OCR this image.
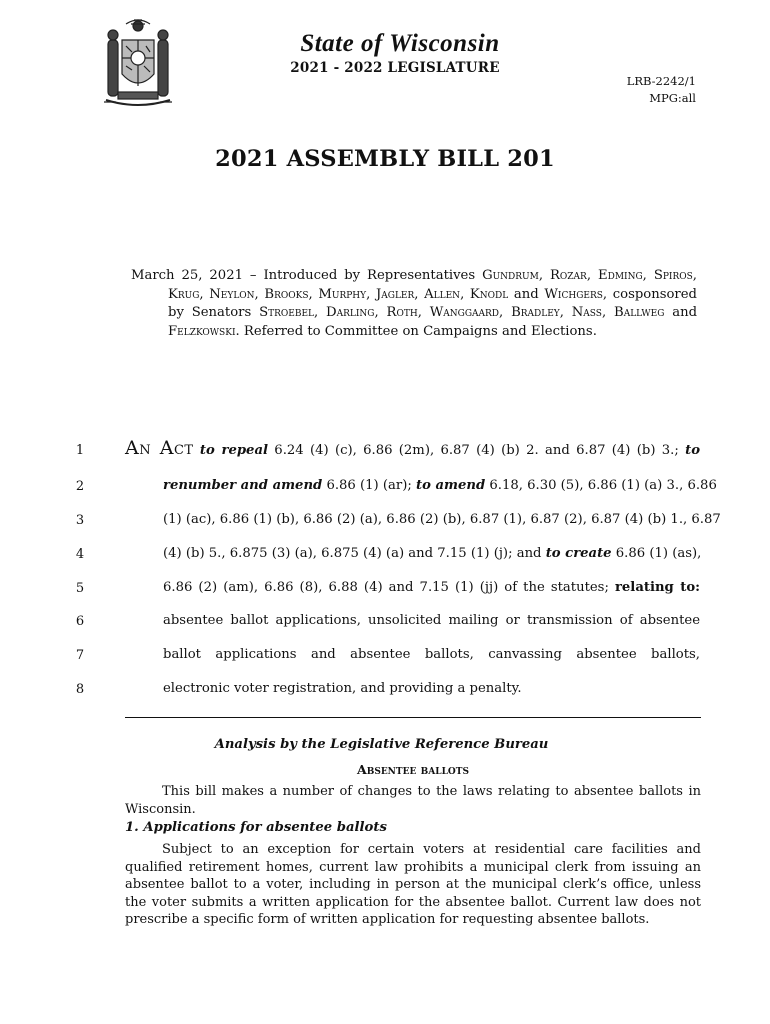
State of Wisconsin
2021 - 2022 LEGISLATURE
LRB-2242/1
MPG:all
2021 ASSEMBLY BILL 201
March 25, 2021 – Introduced by Representatives Gundrum, Rozar, Edming, Spiros, Krug, Neylon, Brooks, Murphy, Jagler, Allen, Knodl and Wichgers, cosponsored by Senators Stroebel, Darling, Roth, Wanggaard, Bradley, Nass, Ballweg and Felzkowski. Referred to Committee on Campaigns and Elections.
1	An Act to repeal 6.24 (4) (c), 6.86 (2m), 6.87 (4) (b) 2. and 6.87 (4) (b) 3.; to
2	renumber and amend 6.86 (1) (ar); to amend 6.18, 6.30 (5), 6.86 (1) (a) 3., 6.86
3	(1) (ac), 6.86 (1) (b), 6.86 (2) (a), 6.86 (2) (b), 6.87 (1), 6.87 (2), 6.87 (4) (b) 1., 6.87
4	(4) (b) 5., 6.875 (3) (a), 6.875 (4) (a) and 7.15 (1) (j); and to create 6.86 (1) (as),
5	6.86 (2) (am), 6.86 (8), 6.88 (4) and 7.15 (1) (jj) of the statutes; relating to:
6	absentee ballot applications, unsolicited mailing or transmission of absentee
7	ballot applications and absentee ballots, canvassing absentee ballots,
8	electronic voter registration, and providing a penalty.
Analysis by the Legislative Reference Bureau
Absentee ballots
This bill makes a number of changes to the laws relating to absentee ballots in Wisconsin.
1. Applications for absentee ballots
Subject to an exception for certain voters at residential care facilities and qualified retirement homes, current law prohibits a municipal clerk from issuing an absentee ballot to a voter, including in person at the municipal clerk’s office, unless the voter submits a written application for the absentee ballot. Current law does not prescribe a specific form of written application for requesting absentee ballots.
